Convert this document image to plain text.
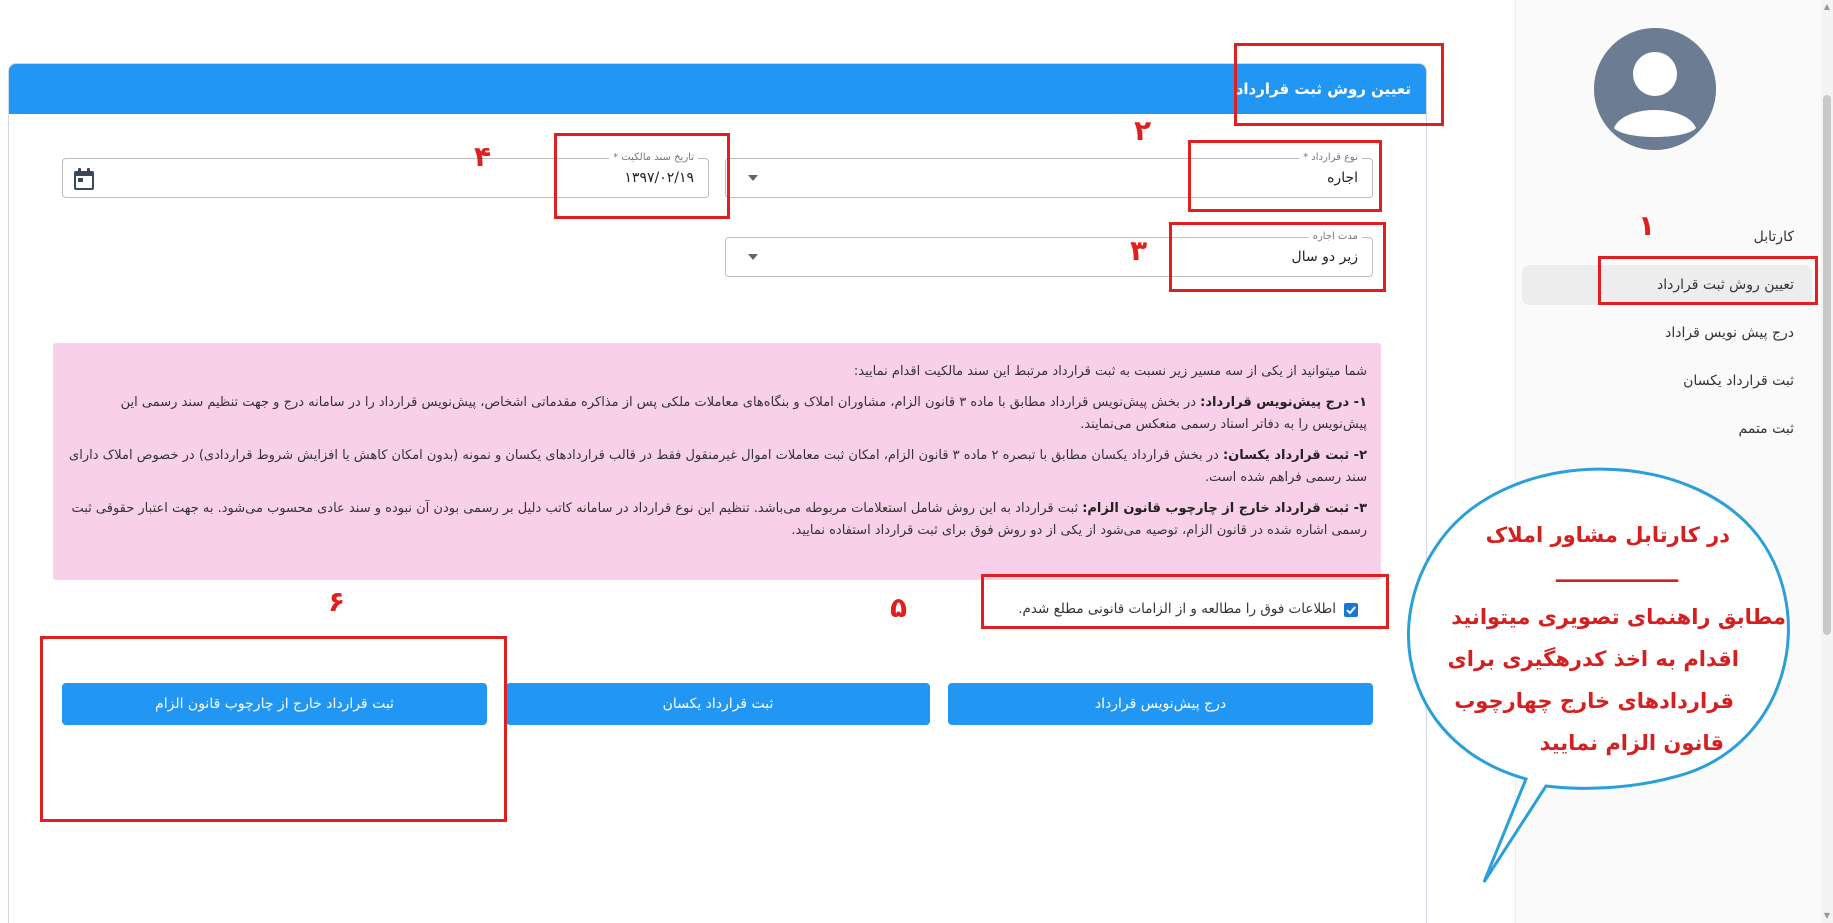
کارتابل
تعیین روش ثبت قرارداد
درج پیش نویس قراداد
ثبت قرارداد یکسان
ثبت متمم
▲
▼
تعیین روش ثبت قرارداد
نوع قرارداد *
اجاره
تاریخ سند مالکیت *
۱۳۹۷/۰۲/۱۹
مدت اجاره
زیر دو سال

شما میتوانید از یکی از سه مسیر زیر نسبت به ثبت قرارداد مرتبط این سند مالکیت اقدام نمایید:

۱- درج پیش‌نویس قرارداد: در بخش پیش‌نویس قرارداد مطابق با ماده ۳ قانون الزام، مشاوران املاک و بنگاه‌های معاملات ملکی پس از مذاکره مقدماتی اشخاص، پیش‌نویس قرارداد را در سامانه درج و جهت تنظیم سند رسمی این پیش‌نویس را به دفاتر اسناد رسمی منعکس می‌نمایند.

۲- ثبت قرارداد یکسان: در بخش قرارداد یکسان مطابق با تبصره ۲ ماده ۳ قانون الزام، امکان ثبت معاملات اموال غیرمنقول فقط در قالب قراردادهای یکسان و نمونه (بدون امکان کاهش یا افزایش شروط قراردادی) در خصوص املاک دارای سند رسمی فراهم شده است.

۳- ثبت قرارداد خارج از چارچوب قانون الزام: ثبت قرارداد به این روش شامل استعلامات مربوطه می‌باشد. تنظیم این نوع قرارداد در سامانه کاتب دلیل بر رسمی بودن آن نبوده و سند عادی محسوب می‌شود. به جهت اعتبار حقوقی ثبت رسمی اشاره شده در قانون الزام، توصیه می‌شود از یکی از دو روش فوق برای ثبت قرارداد استفاده نمایید.

اطلاعات فوق را مطالعه و از الزامات قانونی مطلع شدم.
درج پیش‌نویس قرارداد
ثبت قرارداد یکسان
ثبت قرارداد خارج از چارچوب قانون الزام
۱
۲
۳
۴
۵
۶
در کارتابل مشاور املاک
ـــــــــــــــــ
مطابق راهنمای تصویری میتوانید
اقدام به اخذ کدرهگیری برای
قراردادهای خارج چهارچوب
قانون الزام نمایید
